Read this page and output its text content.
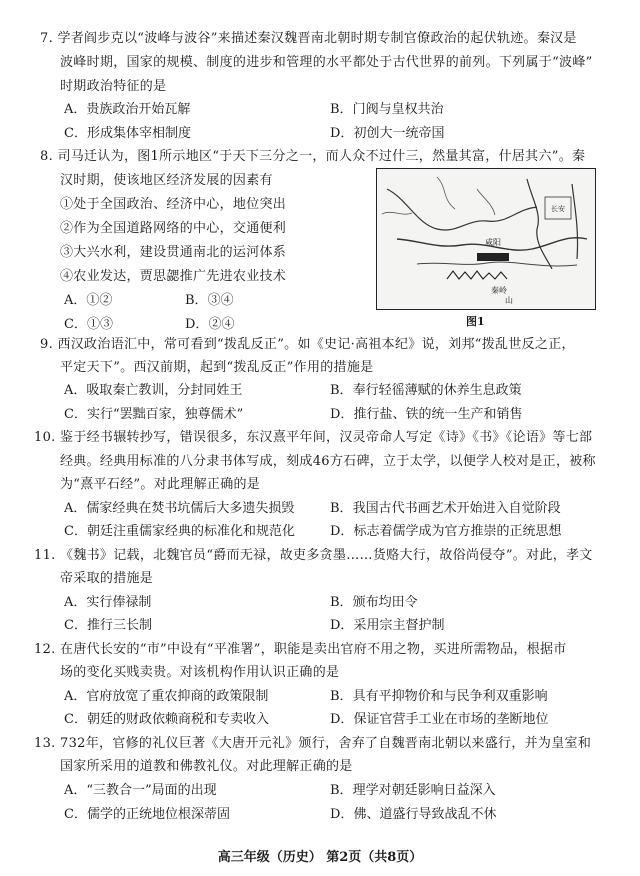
7. 学者阎步克以“波峰与波谷”来描述秦汉魏晋南北朝时期专制官僚政治的起伏轨迹。秦汉是
波峰时期，国家的规模、制度的进步和管理的水平都处于古代世界的前列。下列属于“波峰”
时期政治特征的是
A．贵族政治开始瓦解	B．门阀与皇权共治
C．形成集体宰相制度	D．初创大一统帝国
8. 司马迁认为，图1所示地区“于天下三分之一，而人众不过什三，然量其富，什居其六”。秦
汉时期，使该地区经济发展的因素有
①处于全国政治、经济中心，地位突出
②作为全国道路网络的中心，交通便利
③大兴水利，建设贯通南北的运河体系
④农业发达，贾思勰推广先进农业技术
A．①②	B．③④
C．①③	D．②④
咸阳
长安
秦岭
山
图1
9. 西汉政治语汇中，常可看到“拨乱反正”。如《史记·高祖本纪》说，刘邦“拨乱世反之正，
平定天下”。西汉前期，起到“拨乱反正”作用的措施是
A．吸取秦亡教训，分封同姓王	B．奉行轻徭薄赋的休养生息政策
C．实行“罢黜百家，独尊儒术”	D．推行盐、铁的统一生产和销售
10. 鉴于经书辗转抄写，错误很多，东汉熹平年间，汉灵帝命人写定《诗》《书》《论语》等七部
经典。经典用标准的八分隶书体写成，刻成46方石碑，立于太学，以便学人校对是正，被称
为“熹平石经”。对此理解正确的是
A．儒家经典在焚书坑儒后大多遗失损毁	B．我国古代书画艺术开始进入自觉阶段
C．朝廷注重儒家经典的标准化和规范化	D．标志着儒学成为官方推崇的正统思想
11. 《魏书》记载，北魏官员“爵而无禄，故吏多贪墨……货赂大行，故俗尚侵夺”。对此，孝文
帝采取的措施是
A．实行俸禄制	B．颁布均田令
C．推行三长制	D．采用宗主督护制
12. 在唐代长安的“市”中设有“平准署”，职能是卖出官府不用之物，买进所需物品，根据市
场的变化买贱卖贵。对该机构作用认识正确的是
A．官府放宽了重农抑商的政策限制	B．具有平抑物价和与民争利双重影响
C．朝廷的财政依赖商税和专卖收入	D．保证官营手工业在市场的垄断地位
13. 732年，官修的礼仪巨著《大唐开元礼》颁行，舍弃了自魏晋南北朝以来盛行，并为皇室和
国家所采用的道教和佛教礼仪。对此理解正确的是
A．“三教合一”局面的出现	B．理学对朝廷影响日益深入
C．儒学的正统地位根深蒂固	D．佛、道盛行导致战乱不休
高三年级（历史） 第2页（共8页）
